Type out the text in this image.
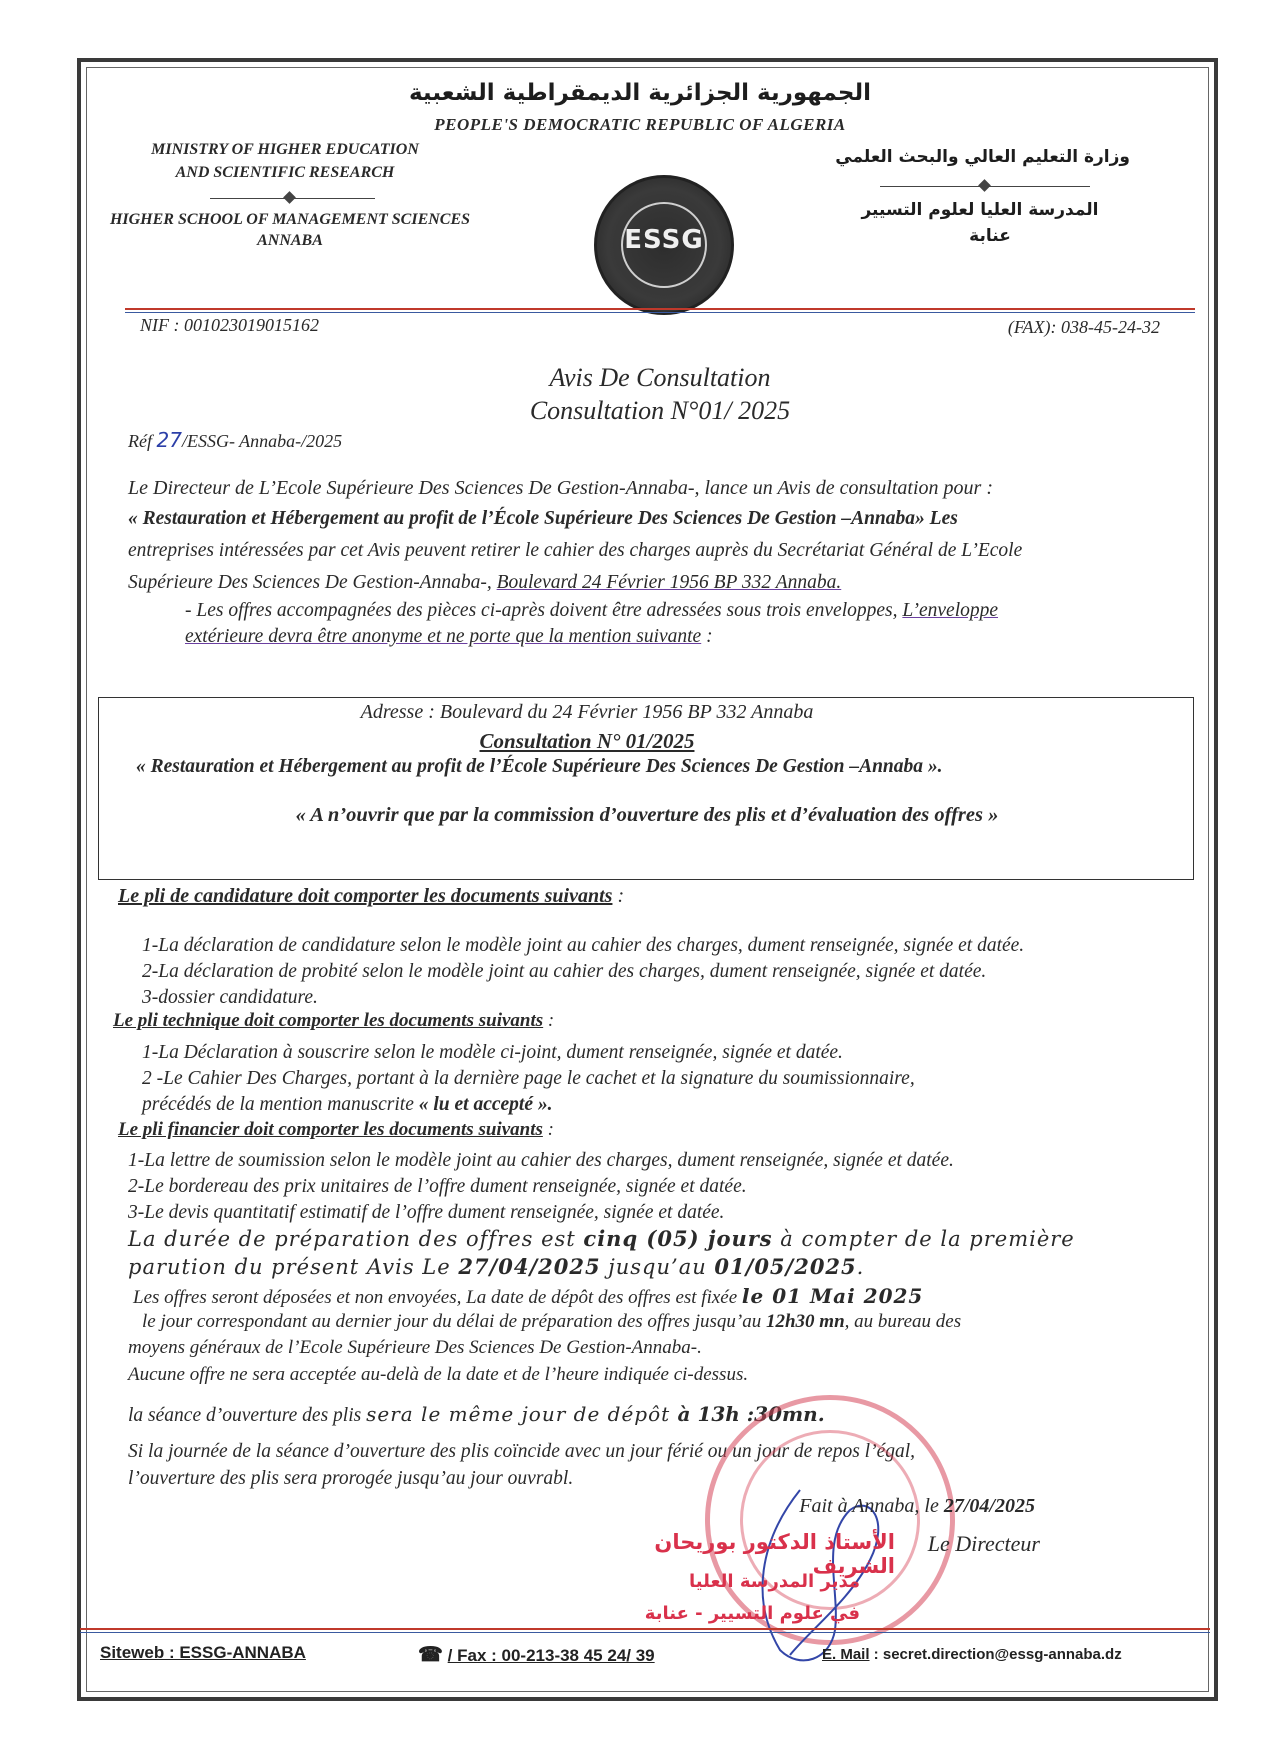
الجمهورية الجزائرية الديمقراطية الشعبية
PEOPLE'S DEMOCRATIC REPUBLIC OF ALGERIA
MINISTRY OF HIGHER EDUCATION
AND SCIENTIFIC RESEARCH
HIGHER SCHOOL OF MANAGEMENT SCIENCES
ANNABA
وزارة التعليم العالي والبحث العلمي
المدرسة العليا لعلوم التسيير
عنابة
ESSG
NIF : 001023019015162	(FAX): 038-45-24-32
Avis De Consultation
Consultation N°01/ 2025
Réf 27/ESSG- Annaba-/2025
Le Directeur de L’Ecole Supérieure Des Sciences De Gestion-Annaba-, lance un Avis de consultation pour :
« Restauration et Hébergement au profit de l’École Supérieure Des Sciences De Gestion –Annaba» Les
entreprises intéressées par cet Avis peuvent retirer le cahier des charges auprès du Secrétariat Général de L’Ecole
Supérieure Des Sciences De Gestion-Annaba-, Boulevard 24 Février 1956 BP 332 Annaba.
- Les offres accompagnées des pièces ci-après doivent être adressées sous trois enveloppes, L’enveloppe
extérieure devra être anonyme et ne porte que la mention suivante :
Adresse : Boulevard du 24 Février 1956 BP 332 Annaba
Consultation N° 01/2025
« Restauration et Hébergement au profit de l’École Supérieure Des Sciences De Gestion –Annaba ».
« A n’ouvrir que par la commission d’ouverture des plis et d’évaluation des offres »
Le pli de candidature doit comporter les documents suivants :
1-La déclaration de candidature selon le modèle joint au cahier des charges, dument renseignée, signée et datée.
2-La déclaration de probité selon le modèle joint au cahier des charges, dument renseignée, signée et datée.
3-dossier candidature.
Le pli technique doit comporter les documents suivants :
1-La Déclaration à souscrire selon le modèle ci-joint, dument renseignée, signée et datée.
2 -Le Cahier Des Charges, portant à la dernière page le cachet et la signature du soumissionnaire,
précédés de la mention manuscrite « lu et accepté ».
Le pli financier doit comporter les documents suivants :
1-La lettre de soumission selon le modèle joint au cahier des charges, dument renseignée, signée et datée.
2-Le bordereau des prix unitaires de l’offre dument renseignée, signée et datée.
3-Le devis quantitatif estimatif de l’offre dument renseignée, signée et datée.
La durée de préparation des offres est cinq (05) jours à compter de la première
parution du présent Avis Le 27/04/2025 jusqu’au 01/05/2025.
Les offres seront déposées et non envoyées, La date de dépôt des offres est fixée le 01 Mai 2025
le jour correspondant au dernier jour du délai de préparation des offres jusqu’au 12h30 mn, au bureau des
moyens généraux de l’Ecole Supérieure Des Sciences De Gestion-Annaba-.
Aucune offre ne sera acceptée au-delà de la date et de l’heure indiquée ci-dessus.
la séance d’ouverture des plis sera le même jour de dépôt à 13h :30mn.
Si la journée de la séance d’ouverture des plis coïncide avec un jour férié ou un jour de repos l’égal,
l’ouverture des plis sera prorogée jusqu’au jour ouvrabl.
Fait à Annaba, le 27/04/2025
Le Directeur
الأستاذ الدكتور بوريحان الشريف
مدير المدرسة العليا
في علوم التسيير - عنابة
Siteweb : ESSG-ANNABA	☎ / Fax : 00-213-38 45 24/ 39	E. Mail : secret.direction@essg-annaba.dz
